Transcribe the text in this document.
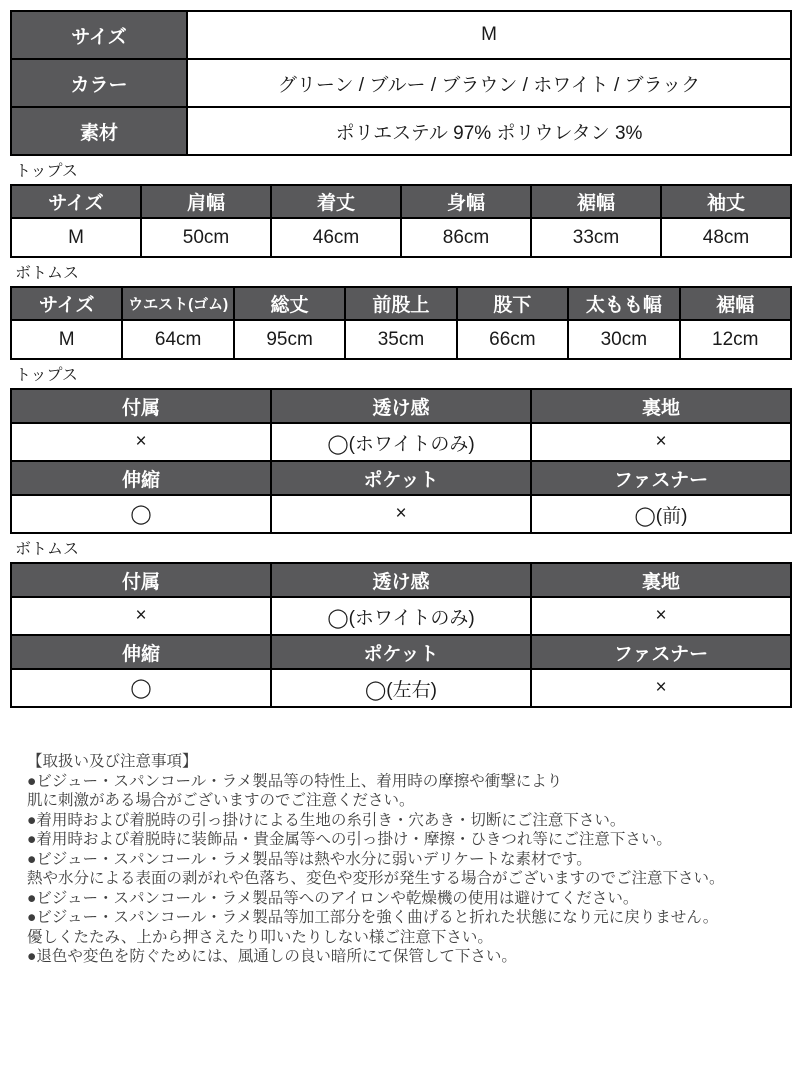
サイズ	M
カラー	グリーン / ブルー / ブラウン / ホワイト / ブラック
素材	ポリエステル 97% ポリウレタン 3%
トップス
サイズ	肩幅	着丈	身幅	裾幅	袖丈
M	50cm	46cm	86cm	33cm	48cm
ボトムス
サイズ	ウエスト(ゴム)	総丈	前股上	股下	太もも幅	裾幅
M	64cm	95cm	35cm	66cm	30cm	12cm
トップス
付属	透け感	裏地
×	◯(ホワイトのみ)	×
伸縮	ポケット	ファスナー
◯	×	◯(前)
ボトムス
付属	透け感	裏地
×	◯(ホワイトのみ)	×
伸縮	ポケット	ファスナー
◯	◯(左右)	×
【取扱い及び注意事項】
●ビジュー・スパンコール・ラメ製品等の特性上、着用時の摩擦や衝撃により
肌に刺激がある場合がございますのでご注意ください。
●着用時および着脱時の引っ掛けによる生地の糸引き・穴あき・切断にご注意下さい。
●着用時および着脱時に装飾品・貴金属等への引っ掛け・摩擦・ひきつれ等にご注意下さい。
●ビジュー・スパンコール・ラメ製品等は熱や水分に弱いデリケートな素材です。
熱や水分による表面の剥がれや色落ち、変色や変形が発生する場合がございますのでご注意下さい。
●ビジュー・スパンコール・ラメ製品等へのアイロンや乾燥機の使用は避けてください。
●ビジュー・スパンコール・ラメ製品等加工部分を強く曲げると折れた状態になり元に戻りません。
優しくたたみ、上から押さえたり叩いたりしない様ご注意下さい。
●退色や変色を防ぐためには、風通しの良い暗所にて保管して下さい。
